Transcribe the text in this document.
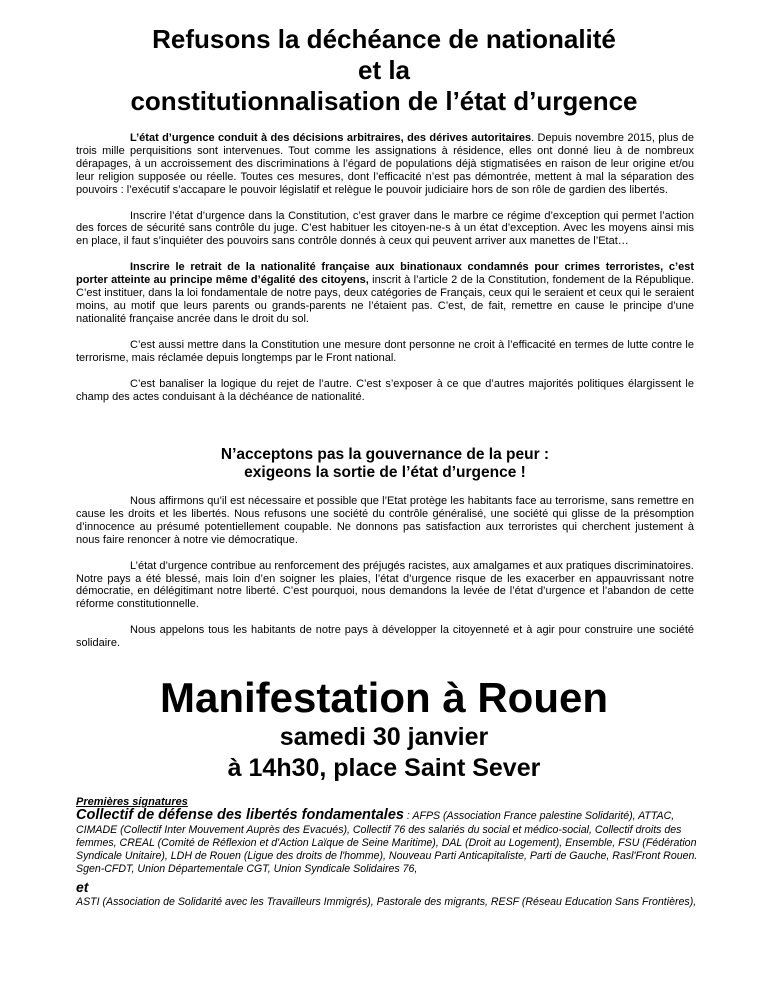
Refusons la déchéance de nationalité
et la
constitutionnalisation de l’état d’urgence

L’état d’urgence conduit à des décisions arbitraires, des dérives autoritaires. Depuis novembre 2015, plus de trois mille perquisitions sont intervenues. Tout comme les assignations à résidence, elles ont donné lieu à de nombreux dérapages, à un accroissement des discriminations à l’égard de populations déjà stigmatisées en raison de leur origine et/ou leur religion supposée ou réelle. Toutes ces mesures, dont l’efficacité n’est pas démontrée, mettent à mal la séparation des pouvoirs : l’exécutif s’accapare le pouvoir législatif et relègue le pouvoir judiciaire hors de son rôle de gardien des libertés.

Inscrire l’état d’urgence dans la Constitution, c’est graver dans le marbre ce régime d’exception qui permet l’action des forces de sécurité sans contrôle du juge. C’est habituer les citoyen-ne-s à un état d’exception. Avec les moyens ainsi mis en place, il faut s’inquiéter des pouvoirs sans contrôle donnés à ceux qui peuvent arriver aux manettes de l’Etat…

Inscrire le retrait de la nationalité française aux binationaux condamnés pour crimes terroristes, c’est porter atteinte au principe même d’égalité des citoyens, inscrit à l’article 2 de la Constitution, fondement de la République. C’est instituer, dans la loi fondamentale de notre pays, deux catégories de Français, ceux qui le seraient et ceux qui le seraient moins, au motif que leurs parents ou grands-parents ne l’étaient pas. C’est, de fait, remettre en cause le principe d’une nationalité française ancrée dans le droit du sol.

C’est aussi mettre dans la Constitution une mesure dont personne ne croit à l’efficacité en termes de lutte contre le terrorisme, mais réclamée depuis longtemps par le Front national.

C’est banaliser la logique du rejet de l’autre. C’est s’exposer à ce que d’autres majorités politiques élargissent le champ des actes conduisant à la déchéance de nationalité.

N’acceptons pas la gouvernance de la peur :
exigeons la sortie de l’état d’urgence !

Nous affirmons qu’il est nécessaire et possible que l’Etat protège les habitants face au terrorisme, sans remettre en cause les droits et les libertés. Nous refusons une société du contrôle généralisé, une société qui glisse de la présomption d’innocence au présumé potentiellement coupable. Ne donnons pas satisfaction aux terroristes qui cherchent justement à nous faire renoncer à notre vie démocratique.

L’état d’urgence contribue au renforcement des préjugés racistes, aux amalgames et aux pratiques discriminatoires.

Notre pays a été blessé, mais loin d’en soigner les plaies, l’état d’urgence risque de les exacerber en appauvrissant notre démocratie, en délégitimant notre liberté. C’est pourquoi, nous demandons la levée de l’état d’urgence et l’abandon de cette réforme constitutionnelle.

Nous appelons tous les habitants de notre pays à développer la citoyenneté et à agir pour construire une société solidaire.

Manifestation à Rouen
samedi 30 janvier
à 14h30, place Saint Sever
Premières signatures
Collectif de défense des libertés fondamentales : AFPS (Association France palestine Solidarité), ATTAC, CIMADE (Collectif Inter Mouvement Auprès des Evacués), Collectif 76 des salariés du social et médico-social, Collectif droits des femmes, CREAL (Comité de Réflexion et d'Action Laïque de Seine Maritime), DAL (Droit au Logement), Ensemble, FSU (Fédération Syndicale Unitaire), LDH de Rouen (Ligue des droits de l'homme), Nouveau Parti Anticapitaliste, Parti de Gauche, Rasl'Front Rouen. Sgen-CFDT, Union Départementale CGT, Union Syndicale Solidaires 76,
et
ASTI (Association de Solidarité avec les Travailleurs Immigrés), Pastorale des migrants, RESF (Réseau Education Sans Frontières),
